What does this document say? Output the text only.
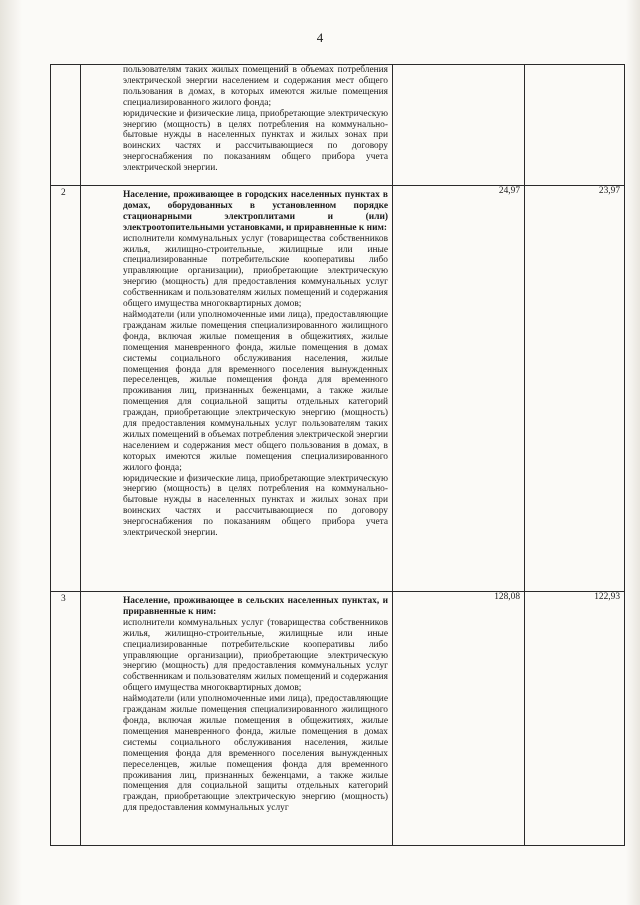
4

	пользователям таких жилых помещений в объемах потребления электрической энергии населением и содержания мест общего пользования в домах, в которых имеются жилые помещения специализированного жилого фонда;

юридические и физические лица, приобретающие электрическую энергию (мощность) в целях потребления на коммунально-бытовые нужды в населенных пунктах и жилых зонах при воинских частях и рассчитывающиеся по договору энергоснабжения по показаниям общего прибора учета электрической энергии.		

2	Население, проживающее в городских населенных пунктах в домах, оборудованных в установленном порядке стационарными электроплитами и (или) электроотопительными установками, и приравненные к ним:

исполнители коммунальных услуг (товарищества собственников жилья, жилищно-строительные, жилищные или иные специализированные потребительские кооперативы либо управляющие организации), приобретающие электрическую энергию (мощность) для предоставления коммунальных услуг собственникам и пользователям жилых помещений и содержания общего имущества многоквартирных домов;

наймодатели (или уполномоченные ими лица), предоставляющие гражданам жилые помещения специализированного жилищного фонда, включая жилые помещения в общежитиях, жилые помещения маневренного фонда, жилые помещения в домах системы социального обслуживания населения, жилые помещения фонда для временного поселения вынужденных переселенцев, жилые помещения фонда для временного проживания лиц, признанных беженцами, а также жилые помещения для социальной защиты отдельных категорий граждан, приобретающие электрическую энергию (мощность) для предоставления коммунальных услуг пользователям таких жилых помещений в объемах потребления электрической энергии населением и содержания мест общего пользования в домах, в которых имеются жилые помещения специализированного жилого фонда;

юридические и физические лица, приобретающие электрическую энергию (мощность) в целях потребления на коммунально-бытовые нужды в населенных пунктах и жилых зонах при воинских частях и рассчитывающиеся по договору энергоснабжения по показаниям общего прибора учета электрической энергии.	24,97	23,97

3	Население, проживающее в сельских населенных пунктах, и приравненные к ним:

исполнители коммунальных услуг (товарищества собственников жилья, жилищно-строительные, жилищные или иные специализированные потребительские кооперативы либо управляющие организации), приобретающие электрическую энергию (мощность) для предоставления коммунальных услуг собственникам и пользователям жилых помещений и содержания общего имущества многоквартирных домов;

наймодатели (или уполномоченные ими лица), предоставляющие гражданам жилые помещения специализированного жилищного фонда, включая жилые помещения в общежитиях, жилые помещения маневренного фонда, жилые помещения в домах системы социального обслуживания населения, жилые помещения фонда для временного поселения вынужденных переселенцев, жилые помещения фонда для временного проживания лиц, признанных беженцами, а также жилые помещения для социальной защиты отдельных категорий граждан, приобретающие электрическую энергию (мощность) для предоставления коммунальных услуг	128,08	122,93
